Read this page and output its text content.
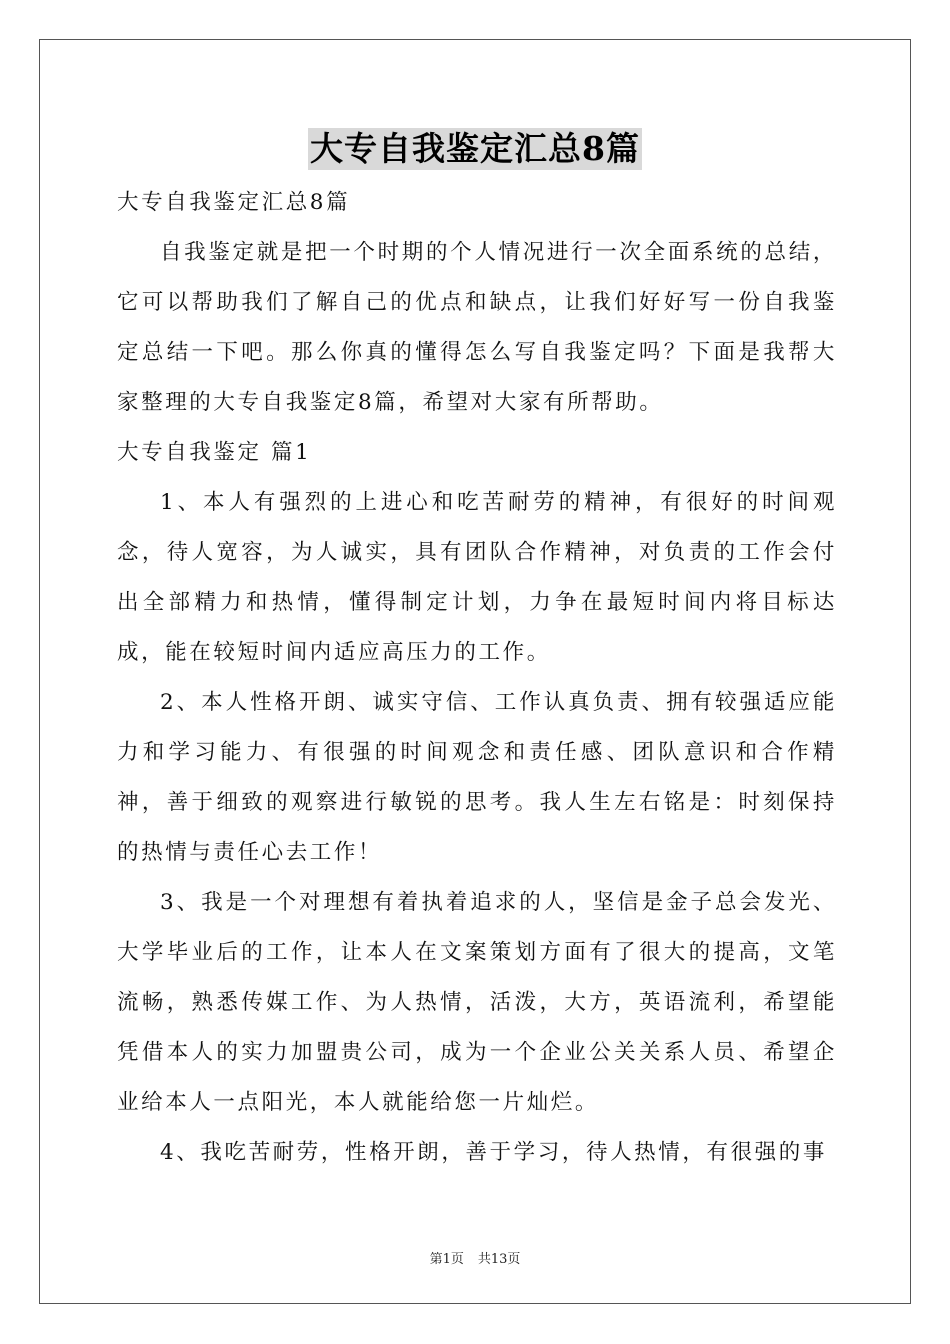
大专自我鉴定汇总8篇

大专自我鉴定汇总8篇

自我鉴定就是把一个时期的个人情况进行一次全面系统的总结，它可以帮助我们了解自己的优点和缺点，让我们好好写一份自我鉴定总结一下吧。那么你真的懂得怎么写自我鉴定吗？下面是我帮大家整理的大专自我鉴定8篇，希望对大家有所帮助。

大专自我鉴定 篇1

1、本人有强烈的上进心和吃苦耐劳的精神，有很好的时间观念，待人宽容，为人诚实，具有团队合作精神，对负责的工作会付出全部精力和热情，懂得制定计划，力争在最短时间内将目标达成，能在较短时间内适应高压力的工作。

2、本人性格开朗、诚实守信、工作认真负责、拥有较强适应能力和学习能力、有很强的时间观念和责任感、团队意识和合作精神，善于细致的观察进行敏锐的思考。我人生左右铭是：时刻保持的热情与责任心去工作！

3、我是一个对理想有着执着追求的人，坚信是金子总会发光、大学毕业后的工作，让本人在文案策划方面有了很大的提高，文笔流畅，熟悉传媒工作、为人热情，活泼，大方，英语流利，希望能凭借本人的实力加盟贵公司，成为一个企业公关关系人员、希望企业给本人一点阳光，本人就能给您一片灿烂。

4、我吃苦耐劳，性格开朗，善于学习，待人热情，有很强的事

第1页 共13页
